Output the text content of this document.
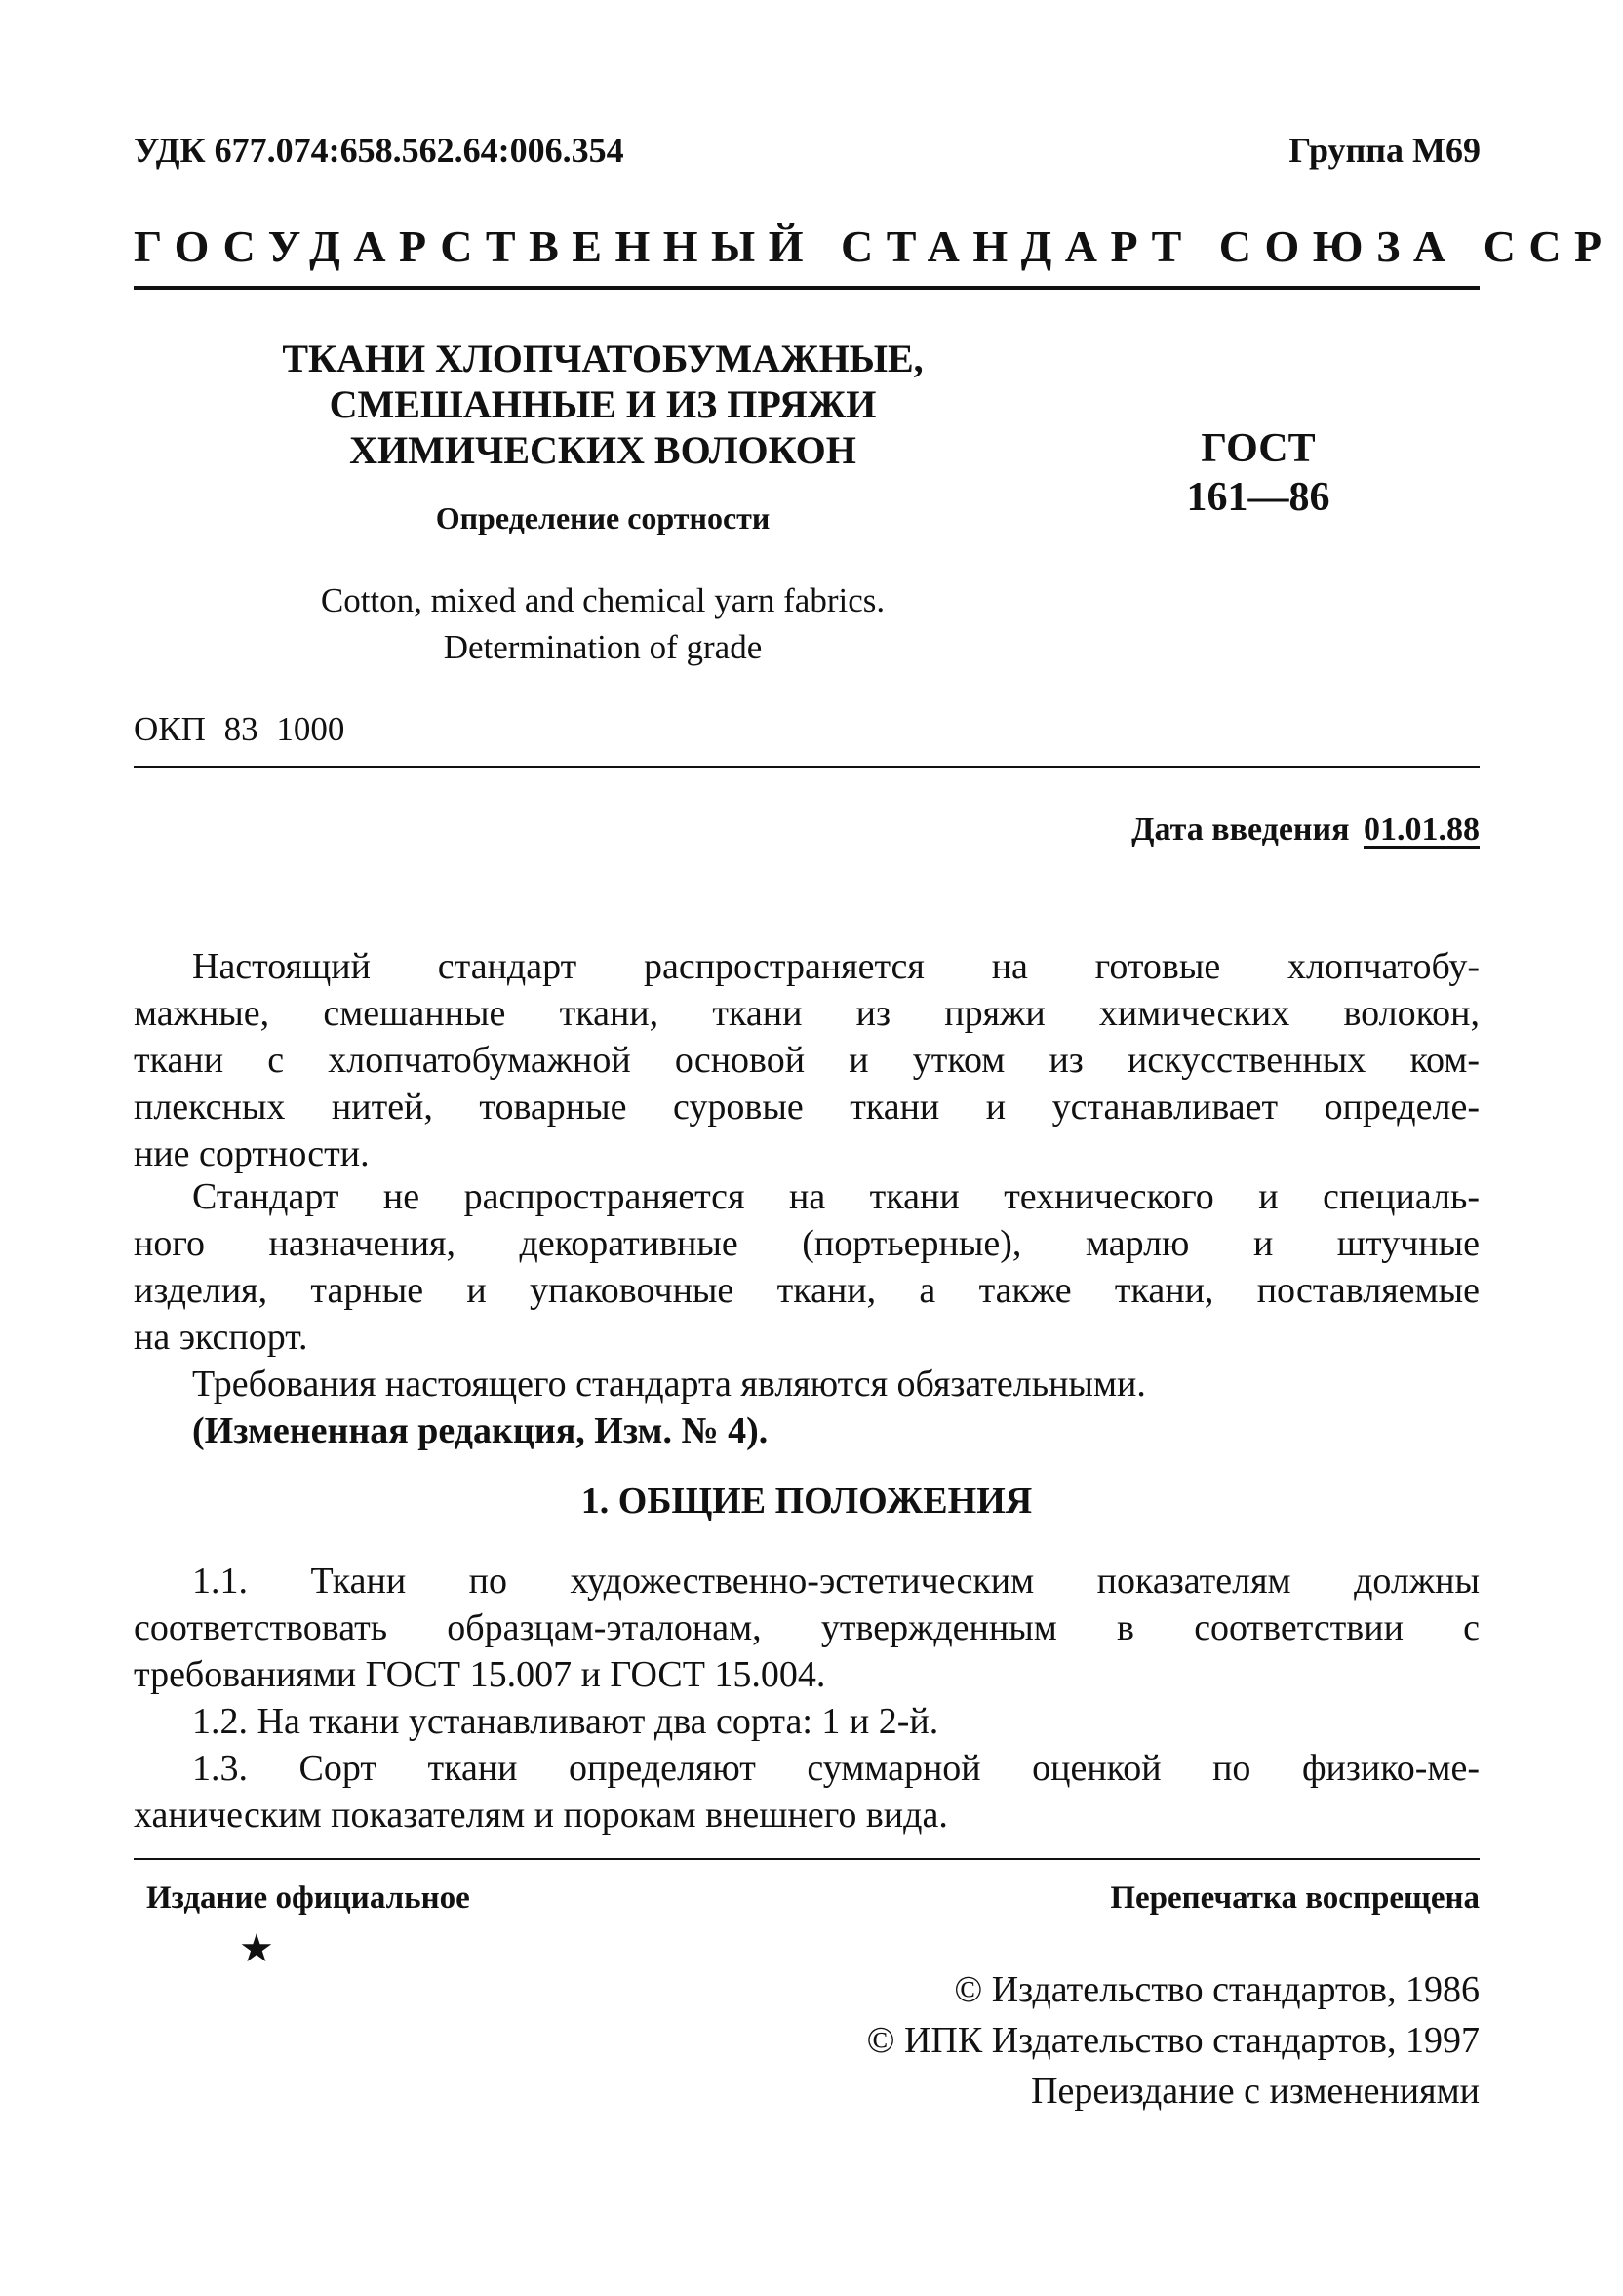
УДК 677.074:658.562.64:006.354	Группа М69
ГОСУДАРСТВЕННЫЙ СТАНДАРТ СОЮЗА ССР
ТКАНИ ХЛОПЧАТОБУМАЖНЫЕ,
СМЕШАННЫЕ И ИЗ ПРЯЖИ
ХИМИЧЕСКИХ ВОЛОКОН
Определение сортности
Cotton, mixed and chemical yarn fabrics.
Determination of grade
ГОСТ
161—86
ОКП 83 1000
Дата введения 01.01.88
Настоящий стандарт распространяется на готовые хлопчатобу-
мажные, смешанные ткани, ткани из пряжи химических волокон,
ткани с хлопчатобумажной основой и утком из искусственных ком-
плексных нитей, товарные суровые ткани и устанавливает определе-
ние сортности.
Стандарт не распространяется на ткани технического и специаль-
ного назначения, декоративные (портьерные), марлю и штучные
изделия, тарные и упаковочные ткани, а также ткани, поставляемые
на экспорт.
Требования настоящего стандарта являются обязательными.
(Измененная редакция, Изм. № 4).
1. ОБЩИЕ ПОЛОЖЕНИЯ
1.1. Ткани по художественно-эстетическим показателям должны
соответствовать образцам-эталонам, утвержденным в соответствии с
требованиями ГОСТ 15.007 и ГОСТ 15.004.
1.2. На ткани устанавливают два сорта: 1 и 2-й.
1.3. Сорт ткани определяют суммарной оценкой по физико-ме-
ханическим показателям и порокам внешнего вида.
Издание официальное	Перепечатка воспрещена
★
© Издательство стандартов, 1986
© ИПК Издательство стандартов, 1997
Переиздание с изменениями
